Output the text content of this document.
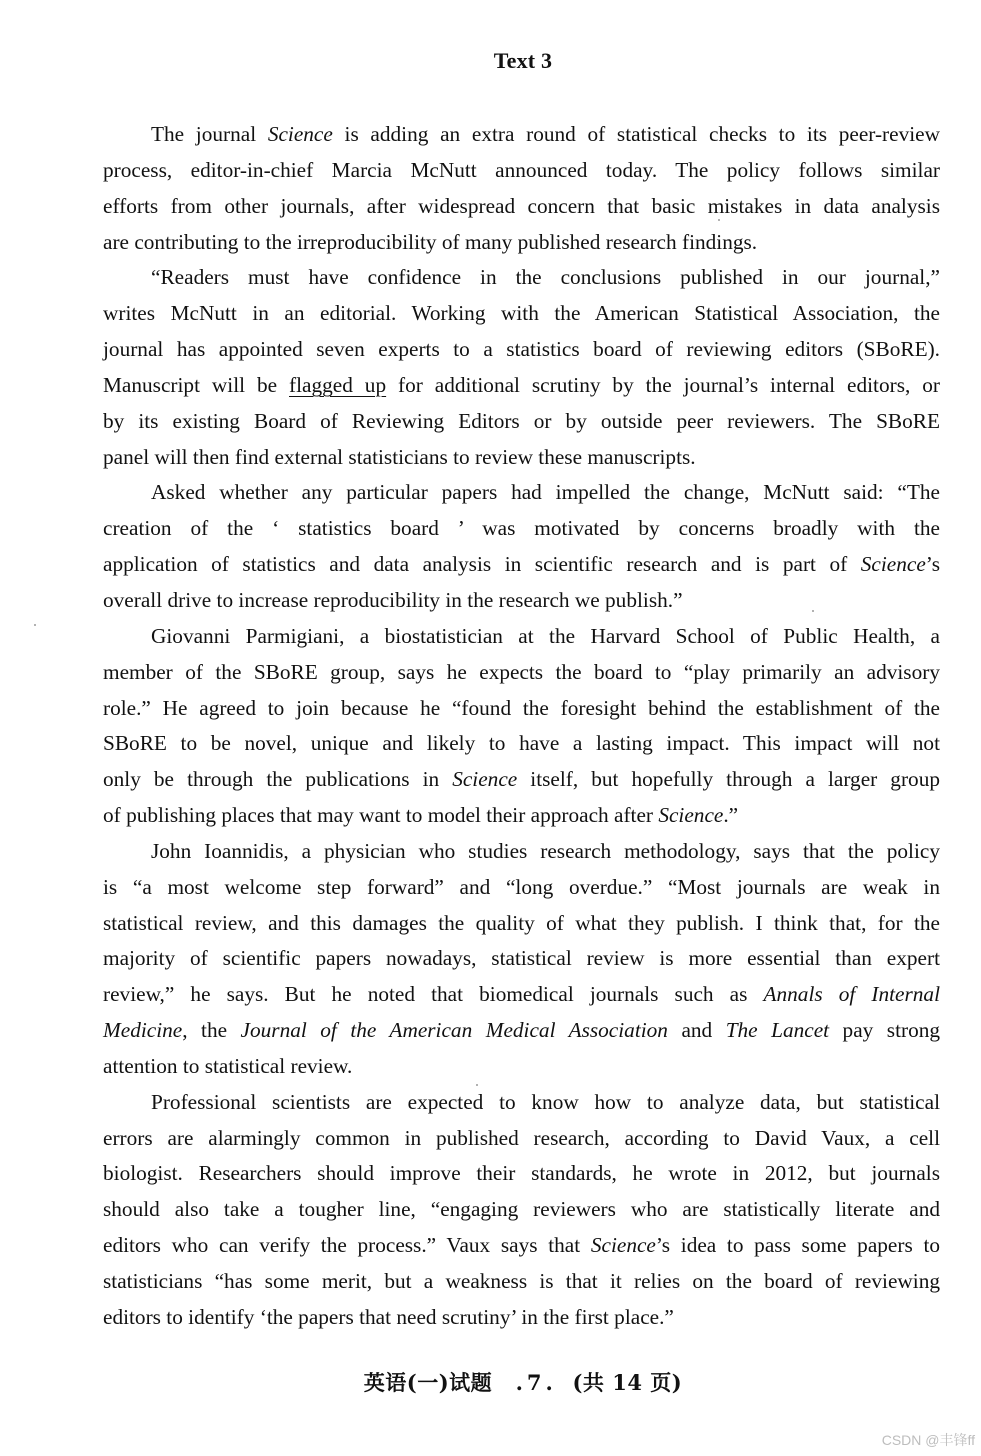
Text 3
The journal Science is adding an extra round of statistical checks to its peer-review
process, editor-in-chief Marcia McNutt announced today. The policy follows similar
efforts from other journals, after widespread concern that basic mistakes in data analysis
are contributing to the irreproducibility of many published research findings.
“Readers must have confidence in the conclusions published in our journal,”
writes McNutt in an editorial. Working with the American Statistical Association, the
journal has appointed seven experts to a statistics board of reviewing editors (SBoRE).
Manuscript will be flagged up for additional scrutiny by the journal’s internal editors, or
by its existing Board of Reviewing Editors or by outside peer reviewers. The SBoRE
panel will then find external statisticians to review these manuscripts.
Asked whether any particular papers had impelled the change, McNutt said: “The
creation of the ‘ statistics board ’ was motivated by concerns broadly with the
application of statistics and data analysis in scientific research and is part of Science’s
overall drive to increase reproducibility in the research we publish.”
Giovanni Parmigiani, a biostatistician at the Harvard School of Public Health, a
member of the SBoRE group, says he expects the board to “play primarily an advisory
role.” He agreed to join because he “found the foresight behind the establishment of the
SBoRE to be novel, unique and likely to have a lasting impact. This impact will not
only be through the publications in Science itself, but hopefully through a larger group
of publishing places that may want to model their approach after Science.”
John Ioannidis, a physician who studies research methodology, says that the policy
is “a most welcome step forward” and “long overdue.” “Most journals are weak in
statistical review, and this damages the quality of what they publish. I think that, for the
majority of scientific papers nowadays, statistical review is more essential than expert
review,” he says. But he noted that biomedical journals such as Annals of Internal
Medicine, the Journal of the American Medical Association and The Lancet pay strong
attention to statistical review.
Professional scientists are expected to know how to analyze data, but statistical
errors are alarmingly common in published research, according to David Vaux, a cell
biologist. Researchers should improve their standards, he wrote in 2012, but journals
should also take a tougher line, “engaging reviewers who are statistically literate and
editors who can verify the process.” Vaux says that Science’s idea to pass some papers to
statisticians “has some merit, but a weakness is that it relies on the board of reviewing
editors to identify ‘the papers that need scrutiny’ in the first place.”
英语(一)试题 .7. (共 14 页)
CSDN @丰锋ff
